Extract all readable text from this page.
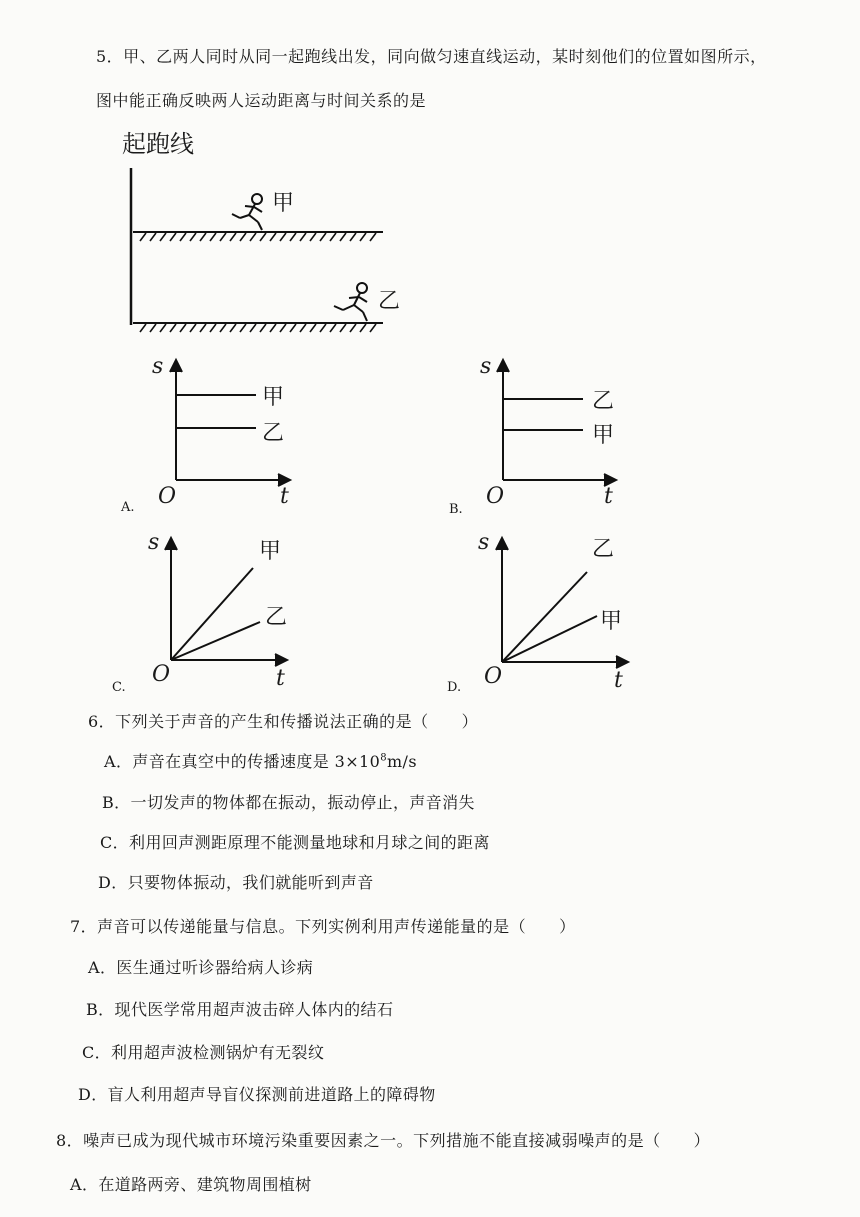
5．甲、乙两人同时从同一起跑线出发，同向做匀速直线运动，某时刻他们的位置如图所示，
图中能正确反映两人运动距离与时间关系的是
起跑线
甲
乙
s
O	t
甲
乙
A.
s
O	t
乙
甲
B.
s
O	t
甲
乙
C.
s
O	t
乙
甲
D.
6．下列关于声音的产生和传播说法正确的是（　　）
A．声音在真空中的传播速度是 $3\times 10^8m/s$
B．一切发声的物体都在振动，振动停止，声音消失
C．利用回声测距原理不能测量地球和月球之间的距离
D．只要物体振动，我们就能听到声音
7．声音可以传递能量与信息。下列实例利用声传递能量的是（　　）
A．医生通过听诊器给病人诊病
B．现代医学常用超声波击碎人体内的结石
C．利用超声波检测锅炉有无裂纹
D．盲人利用超声导盲仪探测前进道路上的障碍物
8．噪声已成为现代城市环境污染重要因素之一。下列措施不能直接减弱噪声的是（　　）
A．在道路两旁、建筑物周围植树
